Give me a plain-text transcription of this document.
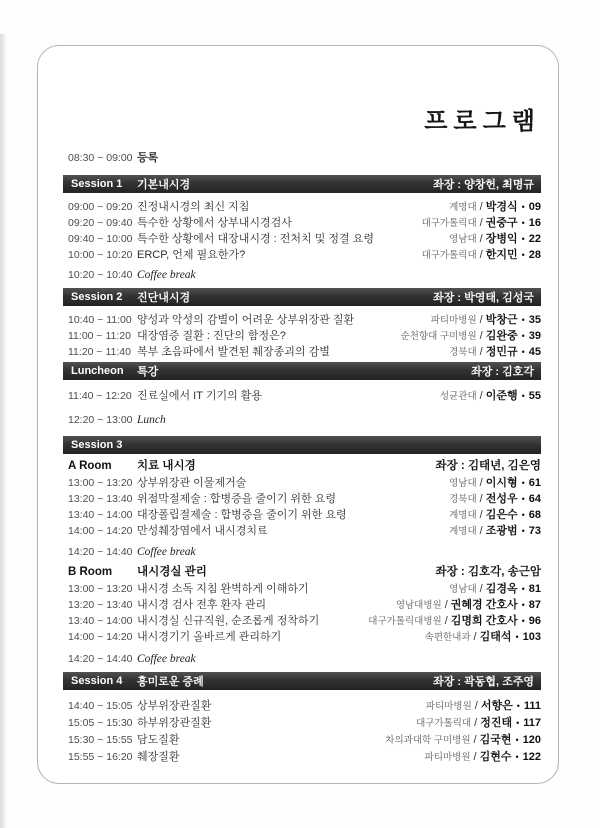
프로그램
08:30 ~ 09:00 등록
Session 1	기본내시경	좌장 : 양창헌, 최명규
09:00 ~ 09:20 진정내시경의 최신 지침	계명대 / 박경식 • 09
09:20 ~ 09:40 특수한 상황에서 상부내시경검사	대구가톨릭대 / 권중구 • 16
09:40 ~ 10:00 특수한 상황에서 대장내시경 : 전처치 및 정결 요령	영남대 / 장병익 • 22
10:00 ~ 10:20 ERCP, 언제 필요한가?	대구가톨릭대 / 한지민 • 28
10:20 ~ 10:40 Coffee break
Session 2	진단내시경	좌장 : 박영태, 김성국
10:40 ~ 11:00 양성과 악성의 감별이 어려운 상부위장관 질환	파티마병원 / 박창근 • 35
11:00 ~ 11:20 대장염증 질환 : 진단의 함정은?	순천향대 구미병원 / 김완중 • 39
11:20 ~ 11:40 복부 초음파에서 발견된 췌장종괴의 감별	경북대 / 정민규 • 45
Luncheon	특강	좌장 : 김호각
11:40 ~ 12:20 진료실에서 IT 기기의 활용	성균관대 / 이준행 • 55
12:20 ~ 13:00 Lunch
Session 3
A Room	치료 내시경	좌장 : 김태년, 김은영
13:00 ~ 13:20 상부위장관 이물제거술	영남대 / 이시형 • 61
13:20 ~ 13:40 위점막절제술 : 합병증을 줄이기 위한 요령	경북대 / 전성우 • 64
13:40 ~ 14:00 대장폴립절제술 : 합병증을 줄이기 위한 요령	계명대 / 김은수 • 68
14:00 ~ 14:20 만성췌장염에서 내시경치료	계명대 / 조광범 • 73
14:20 ~ 14:40 Coffee break
B Room	내시경실 관리	좌장 : 김호각, 송근암
13:00 ~ 13:20 내시경 소독 지침 완벽하게 이해하기	영남대 / 김경옥 • 81
13:20 ~ 13:40 내시경 검사 전후 환자 관리	영남대병원 / 권혜경 간호사 • 87
13:40 ~ 14:00 내시경실 신규직원, 순조롭게 정착하기	대구가톨릭대병원 / 김명희 간호사 • 96
14:00 ~ 14:20 내시경기기 올바르게 관리하기	속편한내과 / 김태석 • 103
14:20 ~ 14:40 Coffee break
Session 4	흥미로운 증례	좌장 : 곽동협, 조주영
14:40 ~ 15:05 상부위장관질환	파티마병원 / 서향은 • 111
15:05 ~ 15:30 하부위장관질환	대구가톨릭대 / 정진태 • 117
15:30 ~ 15:55 담도질환	차의과대학 구미병원 / 김국현 • 120
15:55 ~ 16:20 췌장질환	파티마병원 / 김현수 • 122
